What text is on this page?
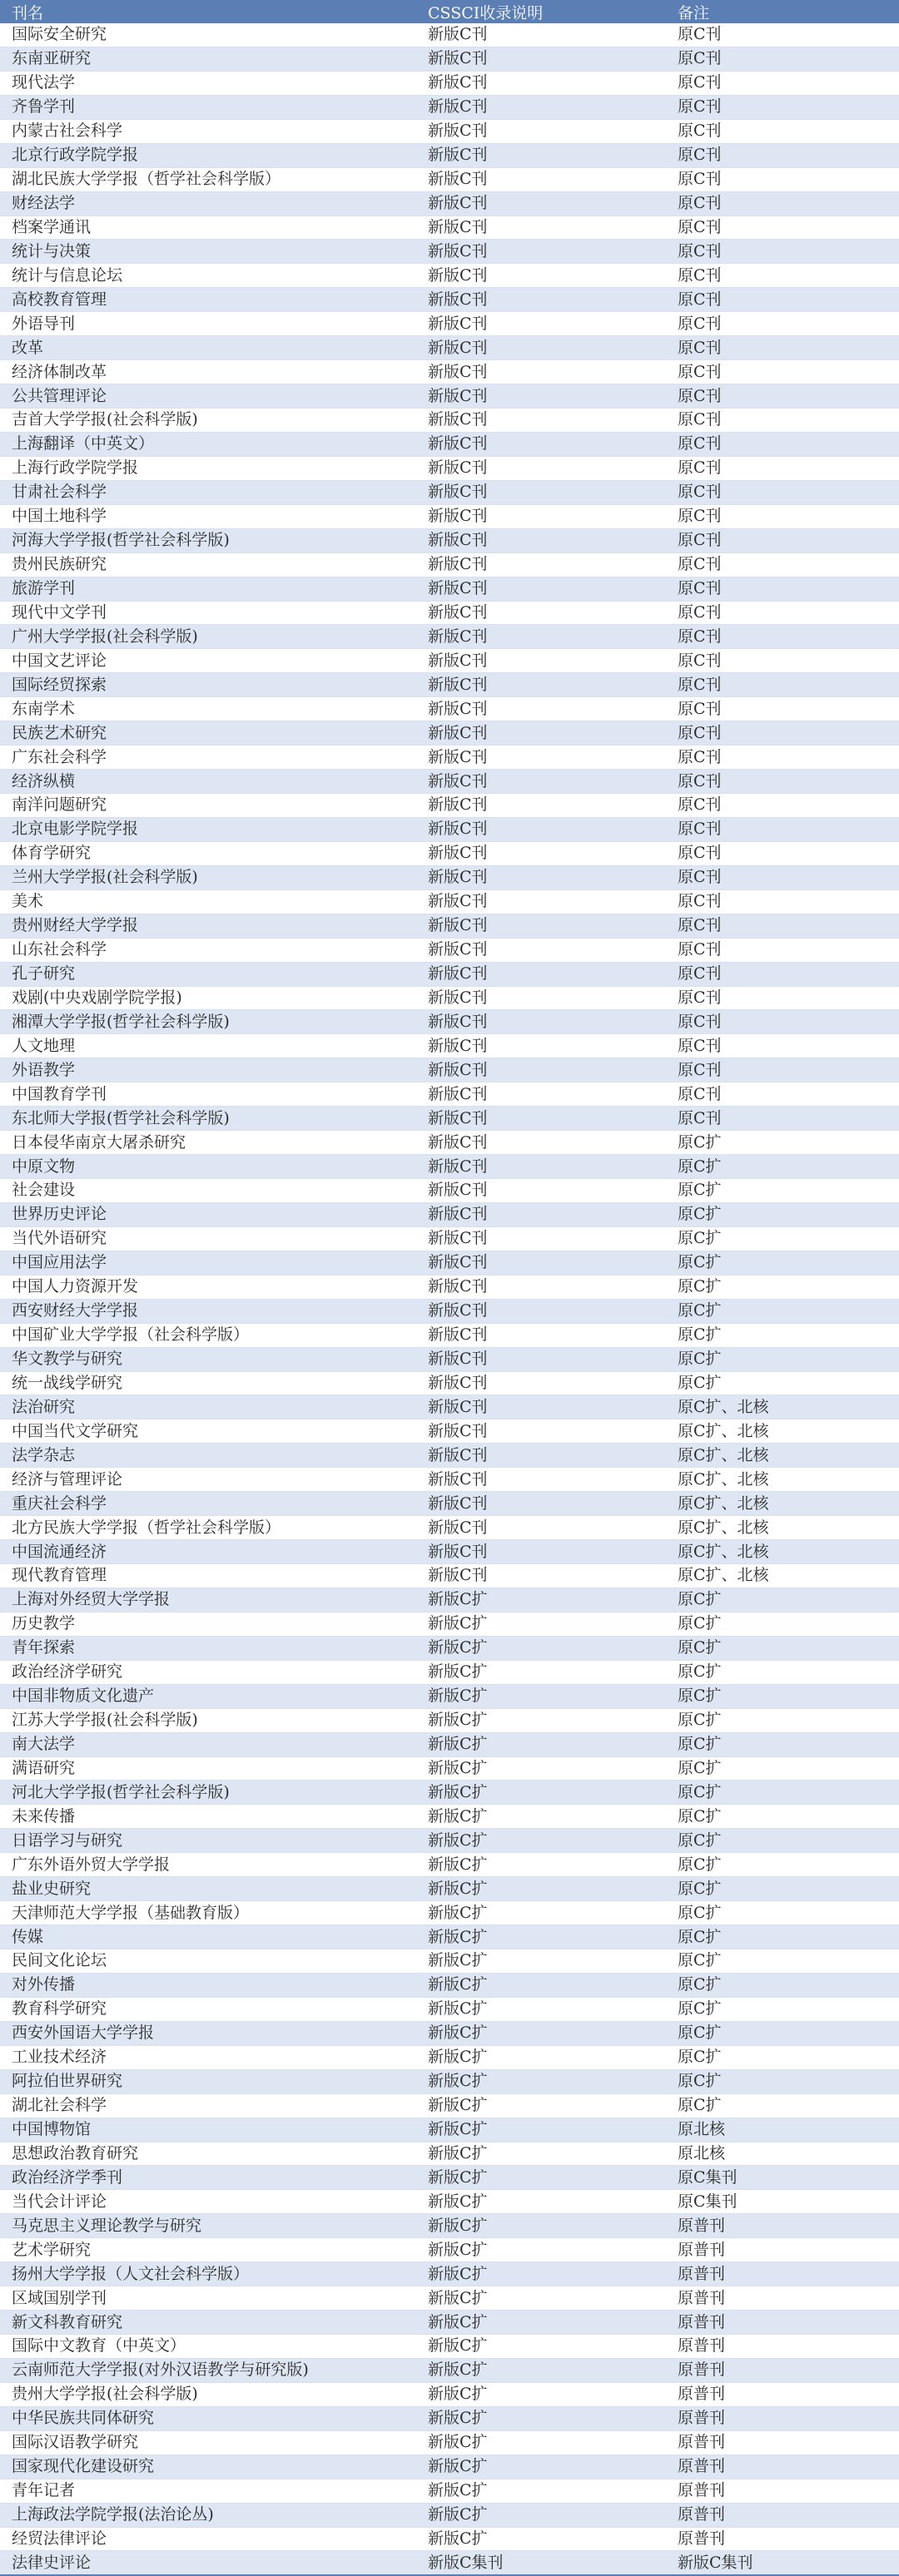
刊名	CSSCI收录说明	备注
国际安全研究	新版C刊	原C刊
东南亚研究	新版C刊	原C刊
现代法学	新版C刊	原C刊
齐鲁学刊	新版C刊	原C刊
内蒙古社会科学	新版C刊	原C刊
北京行政学院学报	新版C刊	原C刊
湖北民族大学学报（哲学社会科学版）	新版C刊	原C刊
财经法学	新版C刊	原C刊
档案学通讯	新版C刊	原C刊
统计与决策	新版C刊	原C刊
统计与信息论坛	新版C刊	原C刊
高校教育管理	新版C刊	原C刊
外语导刊	新版C刊	原C刊
改革	新版C刊	原C刊
经济体制改革	新版C刊	原C刊
公共管理评论	新版C刊	原C刊
吉首大学学报(社会科学版)	新版C刊	原C刊
上海翻译（中英文）	新版C刊	原C刊
上海行政学院学报	新版C刊	原C刊
甘肃社会科学	新版C刊	原C刊
中国土地科学	新版C刊	原C刊
河海大学学报(哲学社会科学版)	新版C刊	原C刊
贵州民族研究	新版C刊	原C刊
旅游学刊	新版C刊	原C刊
现代中文学刊	新版C刊	原C刊
广州大学学报(社会科学版)	新版C刊	原C刊
中国文艺评论	新版C刊	原C刊
国际经贸探索	新版C刊	原C刊
东南学术	新版C刊	原C刊
民族艺术研究	新版C刊	原C刊
广东社会科学	新版C刊	原C刊
经济纵横	新版C刊	原C刊
南洋问题研究	新版C刊	原C刊
北京电影学院学报	新版C刊	原C刊
体育学研究	新版C刊	原C刊
兰州大学学报(社会科学版)	新版C刊	原C刊
美术	新版C刊	原C刊
贵州财经大学学报	新版C刊	原C刊
山东社会科学	新版C刊	原C刊
孔子研究	新版C刊	原C刊
戏剧(中央戏剧学院学报)	新版C刊	原C刊
湘潭大学学报(哲学社会科学版)	新版C刊	原C刊
人文地理	新版C刊	原C刊
外语教学	新版C刊	原C刊
中国教育学刊	新版C刊	原C刊
东北师大学报(哲学社会科学版)	新版C刊	原C刊
日本侵华南京大屠杀研究	新版C刊	原C扩
中原文物	新版C刊	原C扩
社会建设	新版C刊	原C扩
世界历史评论	新版C刊	原C扩
当代外语研究	新版C刊	原C扩
中国应用法学	新版C刊	原C扩
中国人力资源开发	新版C刊	原C扩
西安财经大学学报	新版C刊	原C扩
中国矿业大学学报（社会科学版）	新版C刊	原C扩
华文教学与研究	新版C刊	原C扩
统一战线学研究	新版C刊	原C扩
法治研究	新版C刊	原C扩、北核
中国当代文学研究	新版C刊	原C扩、北核
法学杂志	新版C刊	原C扩、北核
经济与管理评论	新版C刊	原C扩、北核
重庆社会科学	新版C刊	原C扩、北核
北方民族大学学报（哲学社会科学版）	新版C刊	原C扩、北核
中国流通经济	新版C刊	原C扩、北核
现代教育管理	新版C刊	原C扩、北核
上海对外经贸大学学报	新版C扩	原C扩
历史教学	新版C扩	原C扩
青年探索	新版C扩	原C扩
政治经济学研究	新版C扩	原C扩
中国非物质文化遗产	新版C扩	原C扩
江苏大学学报(社会科学版)	新版C扩	原C扩
南大法学	新版C扩	原C扩
满语研究	新版C扩	原C扩
河北大学学报(哲学社会科学版)	新版C扩	原C扩
未来传播	新版C扩	原C扩
日语学习与研究	新版C扩	原C扩
广东外语外贸大学学报	新版C扩	原C扩
盐业史研究	新版C扩	原C扩
天津师范大学学报（基础教育版）	新版C扩	原C扩
传媒	新版C扩	原C扩
民间文化论坛	新版C扩	原C扩
对外传播	新版C扩	原C扩
教育科学研究	新版C扩	原C扩
西安外国语大学学报	新版C扩	原C扩
工业技术经济	新版C扩	原C扩
阿拉伯世界研究	新版C扩	原C扩
湖北社会科学	新版C扩	原C扩
中国博物馆	新版C扩	原北核
思想政治教育研究	新版C扩	原北核
政治经济学季刊	新版C扩	原C集刊
当代会计评论	新版C扩	原C集刊
马克思主义理论教学与研究	新版C扩	原普刊
艺术学研究	新版C扩	原普刊
扬州大学学报（人文社会科学版）	新版C扩	原普刊
区域国别学刊	新版C扩	原普刊
新文科教育研究	新版C扩	原普刊
国际中文教育（中英文）	新版C扩	原普刊
云南师范大学学报(对外汉语教学与研究版)	新版C扩	原普刊
贵州大学学报(社会科学版)	新版C扩	原普刊
中华民族共同体研究	新版C扩	原普刊
国际汉语教学研究	新版C扩	原普刊
国家现代化建设研究	新版C扩	原普刊
青年记者	新版C扩	原普刊
上海政法学院学报(法治论丛)	新版C扩	原普刊
经贸法律评论	新版C扩	原普刊
法律史评论	新版C集刊	新版C集刊
